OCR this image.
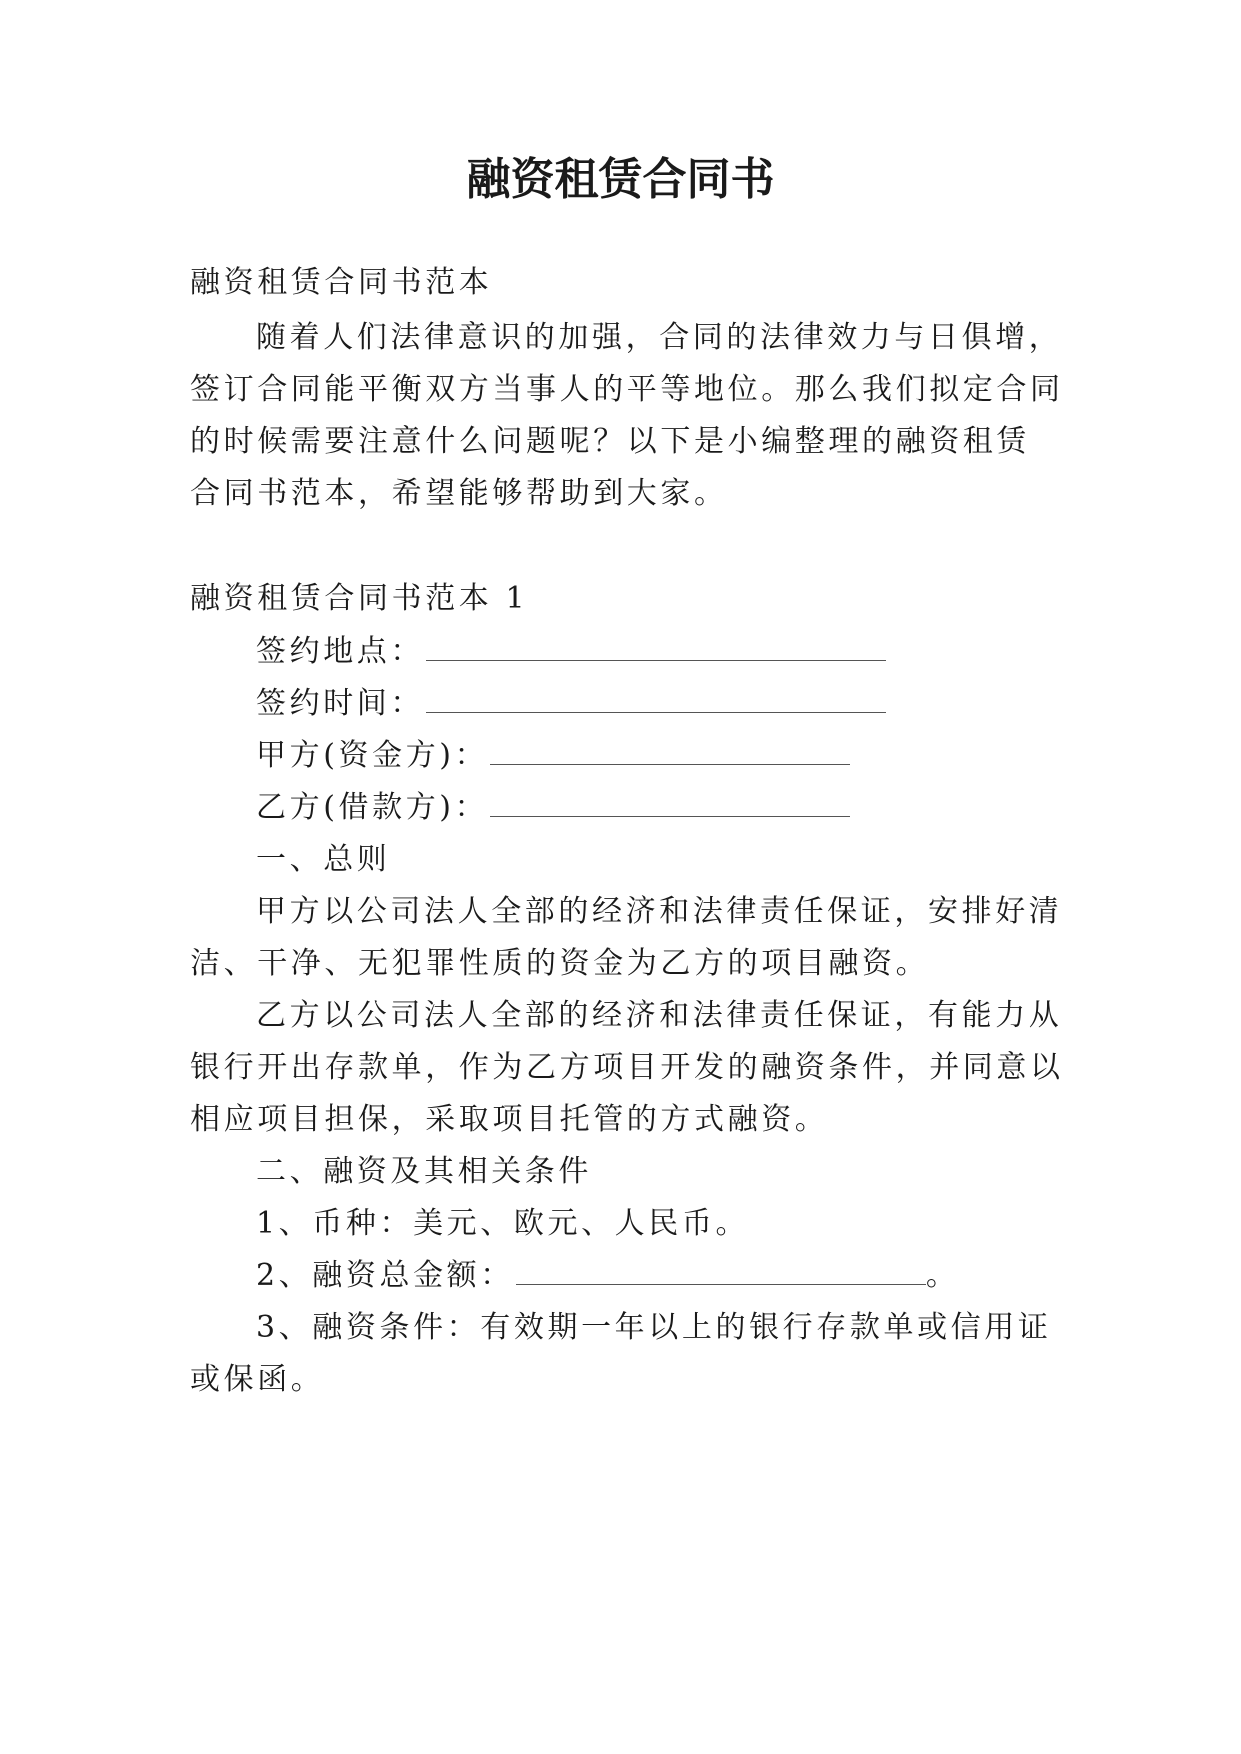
融资租赁合同书
融资租赁合同书范本
随着人们法律意识的加强，合同的法律效力与日俱增，
签订合同能平衡双方当事人的平等地位。那么我们拟定合同
的时候需要注意什么问题呢？以下是小编整理的融资租赁
合同书范本，希望能够帮助到大家。
融资租赁合同书范本 1
签约地点：
签约时间：
甲方(资金方)：
乙方(借款方)：
一、总则
甲方以公司法人全部的经济和法律责任保证，安排好清
洁、干净、无犯罪性质的资金为乙方的项目融资。
乙方以公司法人全部的经济和法律责任保证，有能力从
银行开出存款单，作为乙方项目开发的融资条件，并同意以
相应项目担保，采取项目托管的方式融资。
二、融资及其相关条件
1、币种：美元、欧元、人民币。
2、融资总金额：	。
3、融资条件：有效期一年以上的银行存款单或信用证
或保函。
